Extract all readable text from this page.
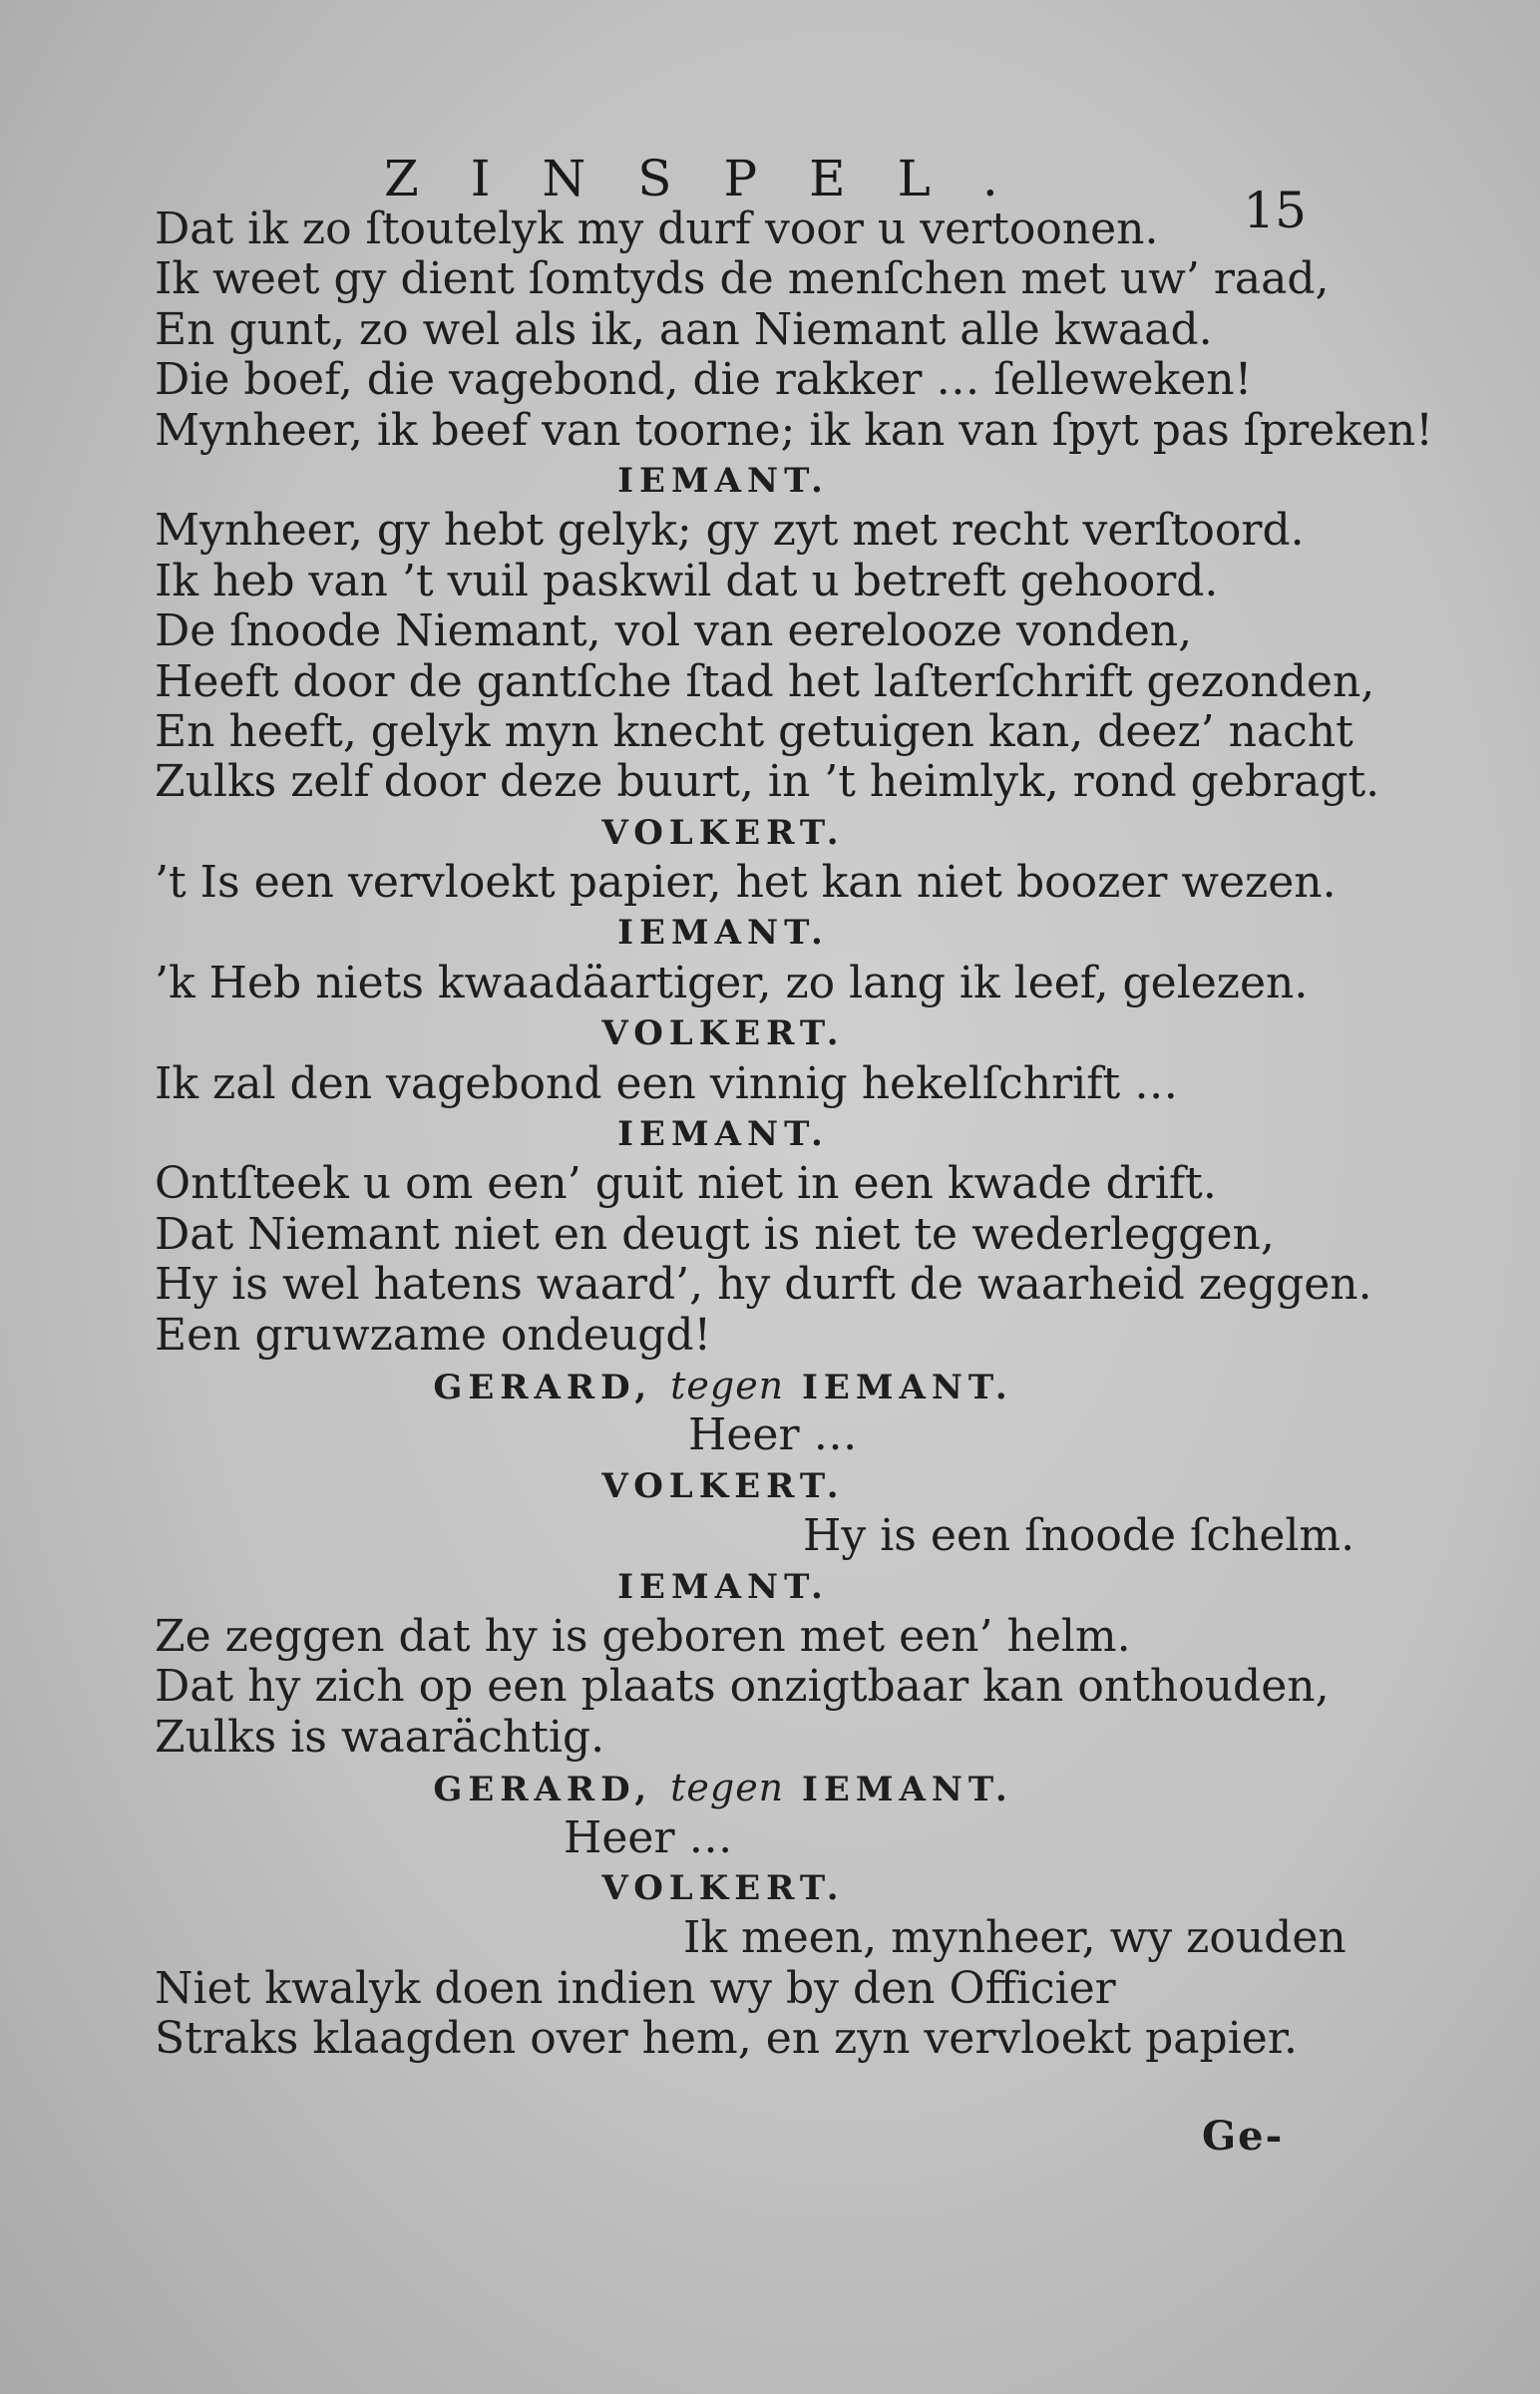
ZINSPEL.
15
Dat ik zo ſtoutelyk my durf voor u vertoonen.
Ik weet gy dient ſomtyds de menſchen met uw’ raad,
En gunt, zo wel als ik, aan Niemant alle kwaad.
Die boef, die vagebond, die rakker … ſelleweken!
Mynheer, ik beef van toorne; ik kan van ſpyt pas ſpreken!
IEMANT.
Mynheer, gy hebt gelyk; gy zyt met recht verſtoord.
Ik heb van ’t vuil paskwil dat u betreft gehoord.
De ſnoode Niemant, vol van eerelooze vonden,
Heeft door de gantſche ſtad het laſterſchrift gezonden,
En heeft, gelyk myn knecht getuigen kan, deez’ nacht
Zulks zelf door deze buurt, in ’t heimlyk, rond gebragt.
VOLKERT.
’t Is een vervloekt papier, het kan niet boozer wezen.
IEMANT.
’k Heb niets kwaadäartiger, zo lang ik leef, gelezen.
VOLKERT.
Ik zal den vagebond een vinnig hekelſchrift …
IEMANT.
Ontſteek u om een’ guit niet in een kwade drift.
Dat Niemant niet en deugt is niet te wederleggen,
Hy is wel hatens waard’, hy durft de waarheid zeggen.
Een gruwzame ondeugd!
GERARD, tegen IEMANT.
Heer …
VOLKERT.
Hy is een ſnoode ſchelm.
IEMANT.
Ze zeggen dat hy is geboren met een’ helm.
Dat hy zich op een plaats onzigtbaar kan onthouden,
Zulks is waarächtig.
GERARD, tegen IEMANT.
Heer …
VOLKERT.
Ik meen, mynheer, wy zouden
Niet kwalyk doen indien wy by den Officier
Straks klaagden over hem, en zyn vervloekt papier.
Ge-
